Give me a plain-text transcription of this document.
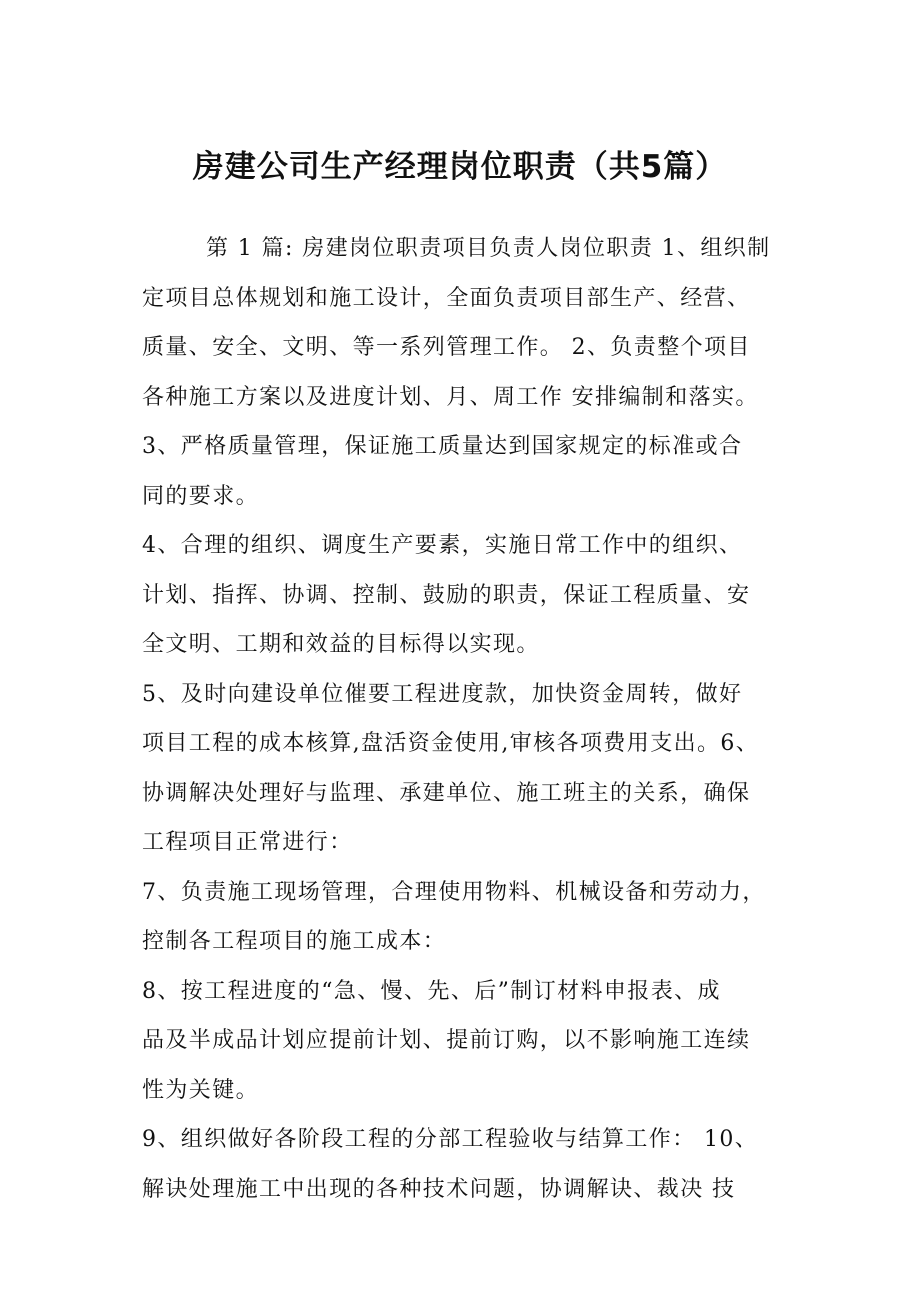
房建公司生产经理岗位职责（共5篇）
第 1 篇: 房建岗位职责项目负责人岗位职责 1、组织制
定项目总体规划和施工设计，全面负责项目部生产、经营、
质量、安全、文明、等一系列管理工作。 2、负责整个项目
各种施工方案以及进度计划、月、周工作 安排编制和落实。
3、严格质量管理，保证施工质量达到国家规定的标准或合
同的要求。
4、合理的组织、调度生产要素，实施日常工作中的组织、
计划、指挥、协调、控制、鼓励的职责，保证工程质量、安
全文明、工期和效益的目标得以实现。
5、及时向建设单位催要工程进度款，加快资金周转，做好
项目工程的成本核算,盘活资金使用,审核各项费用支出。6、
协调解决处理好与监理、承建单位、施工班主的关系，确保
工程项目正常进行：
7、负责施工现场管理，合理使用物料、机械设备和劳动力，
控制各工程项目的施工成本：
8、按工程进度的“急、慢、先、后”制订材料申报表、成
品及半成品计划应提前计划、提前订购，以不影响施工连续
性为关键。
9、组织做好各阶段工程的分部工程验收与结算工作： 10、
解诀处理施工中出现的各种技术问题，协调解诀、裁决 技
